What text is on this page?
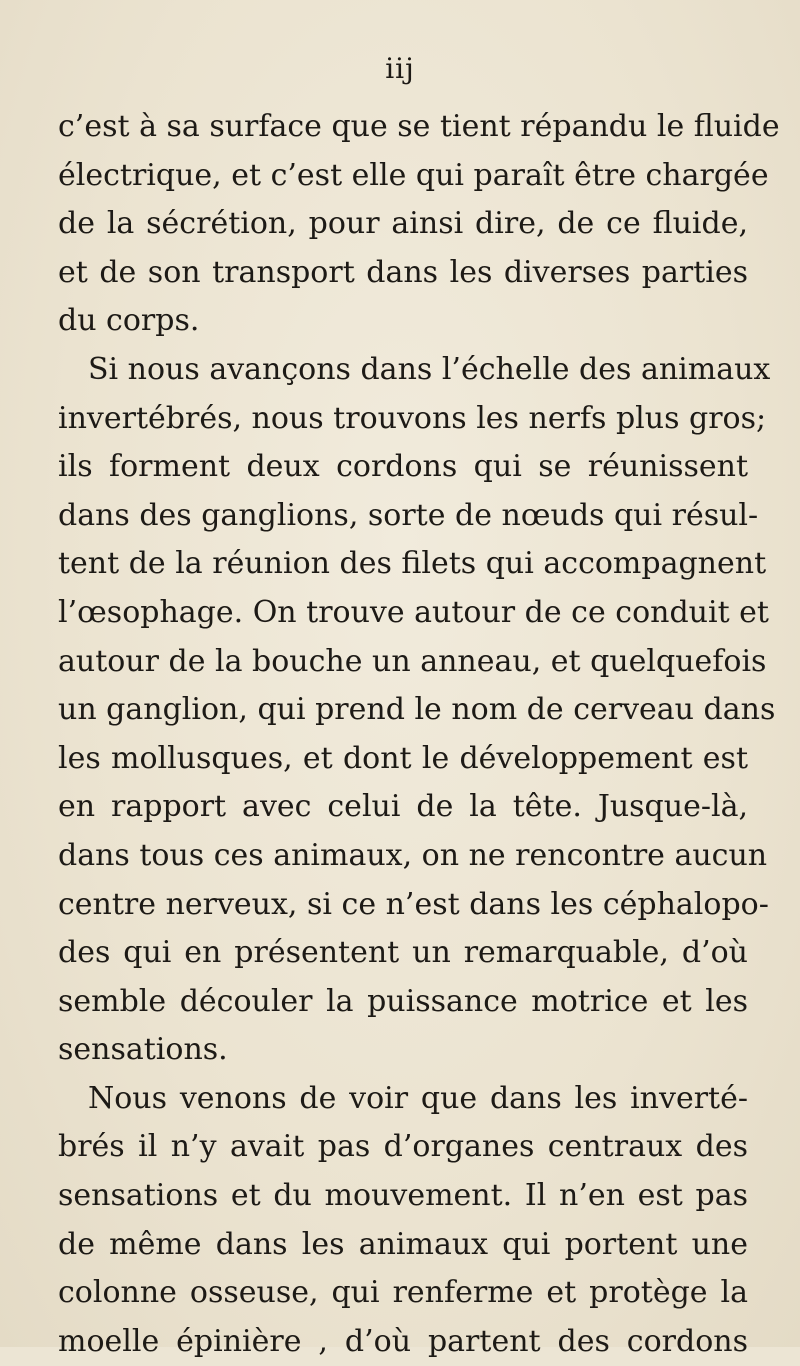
iij
c’est à sa surface que se tient répandu le fluide
électrique, et c’est elle qui paraît être chargée
de la sécrétion, pour ainsi dire, de ce fluide,
et de son transport dans les diverses parties
du corps.
Si nous avançons dans l’échelle des animaux
invertébrés, nous trouvons les nerfs plus gros;
ils forment deux cordons qui se réunissent
dans des ganglions, sorte de nœuds qui résul-
tent de la réunion des filets qui accompagnent
l’œsophage. On trouve autour de ce conduit et
autour de la bouche un anneau, et quelquefois
un ganglion, qui prend le nom de cerveau dans
les mollusques, et dont le développement est
en rapport avec celui de la tête. Jusque-là,
dans tous ces animaux, on ne rencontre aucun
centre nerveux, si ce n’est dans les céphalopo-
des qui en présentent un remarquable, d’où
semble découler la puissance motrice et les
sensations.
Nous venons de voir que dans les inverté-
brés il n’y avait pas d’organes centraux des
sensations et du mouvement. Il n’en est pas
de même dans les animaux qui portent une
colonne osseuse, qui renferme et protège la
moelle épinière , d’où partent des cordons
